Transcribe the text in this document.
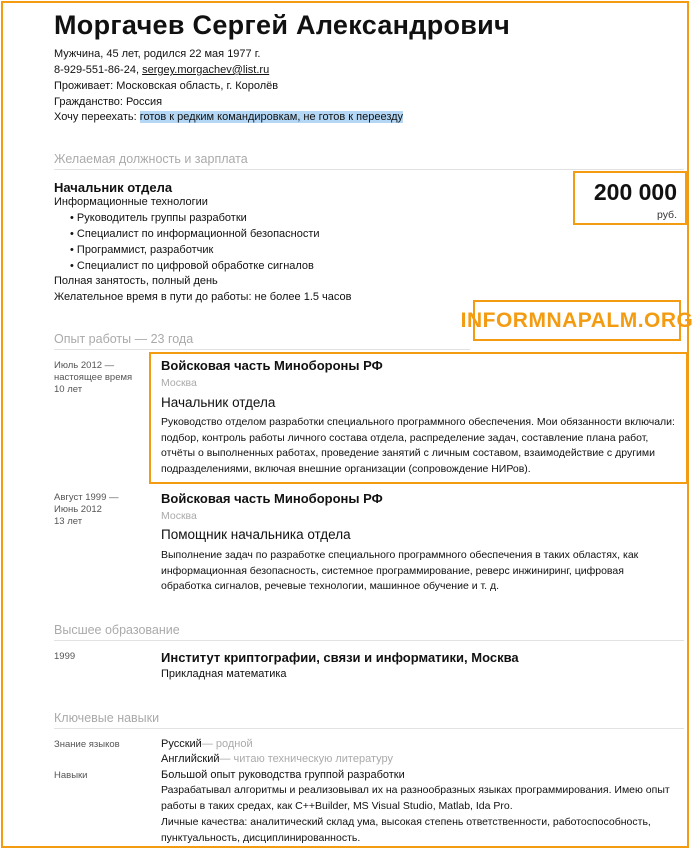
Моргачев Сергей Александрович
Мужчина, 45 лет, родился 22 мая 1977 г.
8-929-551-86-24, sergey.morgachev@list.ru
Проживает: Московская область, г. Королёв
Гражданство: Россия
Хочу переехать: готов к редким командировкам, не готов к переезду
Желаемая должность и зарплата
Начальник отдела
Информационные технологии
• Руководитель группы разработки
• Специалист по информационной безопасности
• Программист, разработчик
• Специалист по цифровой обработке сигналов
Полная занятость, полный день
Желательное время в пути до работы: не более 1.5 часов
200 000
руб.
INFORMNAPALM.ORG
Опыт работы — 23 года
Июль 2012 —
настоящее время
10 лет
Войсковая часть Минобороны РФ
Москва
Начальник отдела
Руководство отделом разработки специального программного обеспечения. Мои обязанности включали: подбор, контроль работы личного состава отдела, распределение задач, составление плана работ, отчёты о выполненных работах, проведение занятий с личным составом, взаимодействие с другими подразделениями, включая внешние организации (сопровождение НИРов).
Август 1999 —
Июнь 2012
13 лет
Войсковая часть Минобороны РФ
Москва
Помощник начальника отдела
Выполнение задач по разработке специального программного обеспечения в таких областях, как информационная безопасность, системное программирование, реверс инжиниринг, цифровая обработка сигналов, речевые технологии, машинное обучение и т. д.
Высшее образование
1999	Институт криптографии, связи и информатики, Москва
Прикладная математика
Ключевые навыки
Знание языков	Русский— родной
Английский— читаю техническую литературу
Навыки	Большой опыт руководства группой разработки
Разрабатывал алгоритмы и реализовывал их на разнообразных языках программирования. Имею опыт работы в таких средах, как C++Builder, MS Visual Studio, Matlab, Ida Pro.
Личные качества: аналитический склад ума, высокая степень ответственности, работоспособность, пунктуальность, дисциплинированность.
